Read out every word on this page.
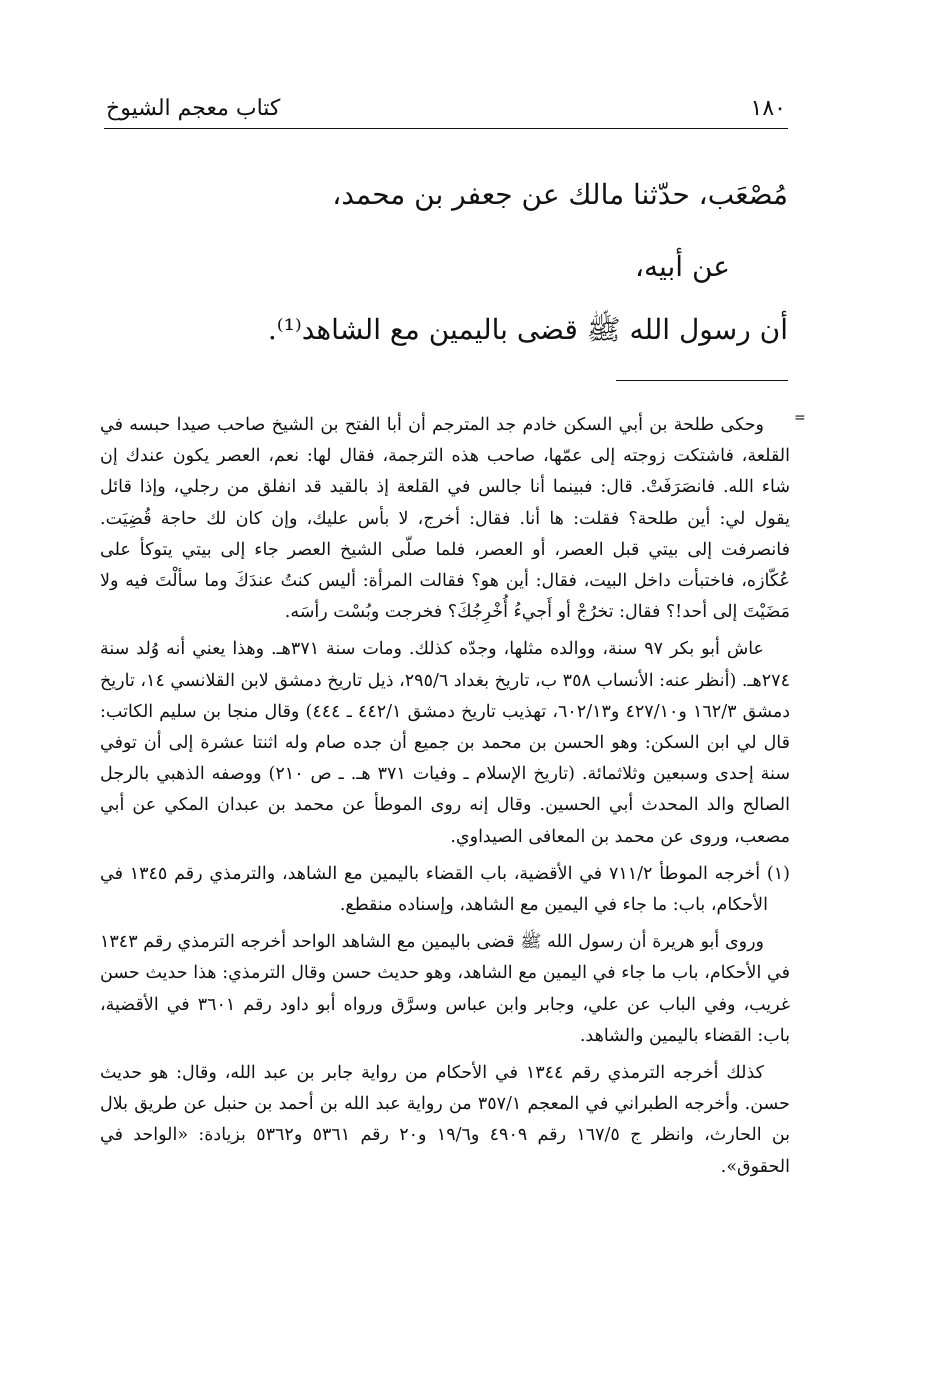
١٨٠
كتاب معجم الشيوخ

مُصْعَب، حدّثنا مالك عن جعفر بن محمد،

عن أبيه،

أن رسول الله ﷺ قضى باليمين مع الشاهد⁽¹⁾.

=

وحكى طلحة بن أبي السكن خادم جد المترجم أن أبا الفتح بن الشيخ صاحب صيدا حبسه في القلعة، فاشتكت زوجته إلى عمّها، صاحب هذه الترجمة، فقال لها: نعم، العصر يكون عندك إن شاء الله. فانصَرَفَتْ. قال: فبينما أنا جالس في القلعة إذ بالقيد قد انفلق من رجلي، وإذا قائل يقول لي: أين طلحة؟ فقلت: ها أنا. فقال: أخرج، لا بأس عليك، وإن كان لك حاجة قُضِيَت. فانصرفت إلى بيتي قبل العصر، أو العصر، فلما صلّى الشيخ العصر جاء إلى بيتي يتوكأ على عُكّازه، فاختبأت داخل البيت، فقال: أين هو؟ فقالت المرأة: أليس كنتُ عندَكَ وما سألْتَ فيه ولا مَضَيْتَ إلى أحد!؟ فقال: تخرُجْ أو أَجيءُ أُخْرِجُكَ؟ فخرجت وبُسْت رأسَه.

عاش أبو بكر ٩٧ سنة، ووالده مثلها، وجدّه كذلك. ومات سنة ٣٧١هـ. وهذا يعني أنه وُلد سنة ٢٧٤هـ. (أنظر عنه: الأنساب ٣٥٨ ب، تاريخ بغداد ٢٩٥/٦، ذيل تاريخ دمشق لابن القلانسي ١٤، تاريخ دمشق ١٦٢/٣ و٤٢٧/١٠ و٦٠٢/١٣، تهذيب تاريخ دمشق ٤٤٢/١ ـ ٤٤٤) وقال منجا بن سليم الكاتب: قال لي ابن السكن: وهو الحسن بن محمد بن جميع أن جده صام وله اثنتا عشرة إلى أن توفي سنة إحدى وسبعين وثلاثمائة. (تاريخ الإسلام ـ وفيات ٣٧١ هـ. ـ ص ٢١٠) ووصفه الذهبي بالرجل الصالح والد المحدث أبي الحسين. وقال إنه روى الموطأ عن محمد بن عبدان المكي عن أبي مصعب، وروى عن محمد بن المعافى الصيداوي.

(١) أخرجه الموطأ ٧١١/٢ في الأقضية، باب القضاء باليمين مع الشاهد، والترمذي رقم ١٣٤٥ في الأحكام، باب: ما جاء في اليمين مع الشاهد، وإسناده منقطع.

وروى أبو هريرة أن رسول الله ﷺ قضى باليمين مع الشاهد الواحد أخرجه الترمذي رقم ١٣٤٣ في الأحكام، باب ما جاء في اليمين مع الشاهد، وهو حديث حسن وقال الترمذي: هذا حديث حسن غريب، وفي الباب عن علي، وجابر وابن عباس وسرَّق ورواه أبو داود رقم ٣٦٠١ في الأقضية، باب: القضاء باليمين والشاهد.

كذلك أخرجه الترمذي رقم ١٣٤٤ في الأحكام من رواية جابر بن عبد الله، وقال: هو حديث حسن. وأخرجه الطبراني في المعجم ٣٥٧/١ من رواية عبد الله بن أحمد بن حنبل عن طريق بلال بن الحارث، وانظر ج ١٦٧/٥ رقم ٤٩٠٩ و١٩/٦ و٢٠ رقم ٥٣٦١ و٥٣٦٢ بزيادة: «الواحد في الحقوق».
